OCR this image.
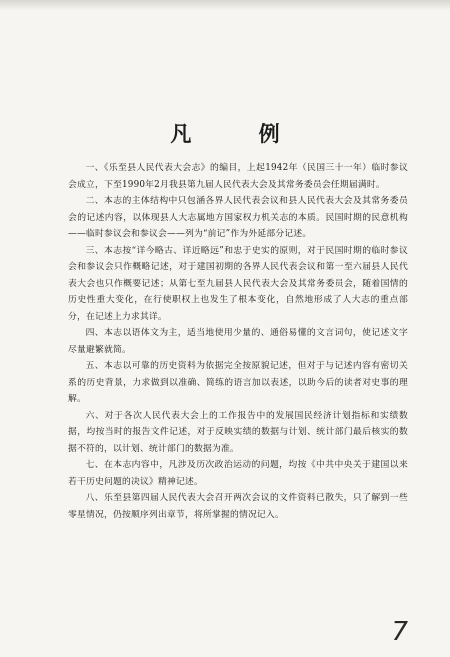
凡 例

一、《乐至县人民代表大会志》的编目，上起1942年（民国三十一年）临时参议会成立，下至1990年2月我县第九届人民代表大会及其常务委员会任期届满时。

二、本志的主体结构中只包涵各界人民代表会议和县人民代表大会及其常务委员会的记述内容，以体现县人大志属地方国家权力机关志的本质。民国时期的民意机构——临时参议会和参议会——列为“前记”作为外延部分记述。

三、本志按“详今略古、详近略远”和忠于史实的原则，对于民国时期的临时参议会和参议会只作概略记述，对于建国初期的各界人民代表会议和第一至六届县人民代表大会也只作概要记述；从第七至九届县人民代表大会及其常务委员会，随着国情的历史性重大变化，在行使职权上也发生了根本变化，自然地形成了人大志的重点部分，在记述上力求其详。

四、本志以语体文为主，适当地使用少量的、通俗易懂的文言词句，使记述文字尽量避繁就简。

五、本志以可靠的历史资料为依据完全按原貌记述，但对于与记述内容有密切关系的历史背景，力求做到以准确、简练的语言加以表述，以助今后的读者对史事的理解。

六、对于各次人民代表大会上的工作报告中的发展国民经济计划指标和实绩数据，均按当时的报告文件记述，对于反映实绩的数据与计划、统计部门最后核实的数据不符的，以计划、统计部门的数据为准。

七、在本志内容中，凡涉及历次政治运动的问题，均按《中共中央关于建国以来若干历史问题的决议》精神记述。

八、乐至县第四届人民代表大会召开两次会议的文件资料已散失，只了解到一些零星情况，仍按顺序列出章节，将所掌握的情况记入。

7
